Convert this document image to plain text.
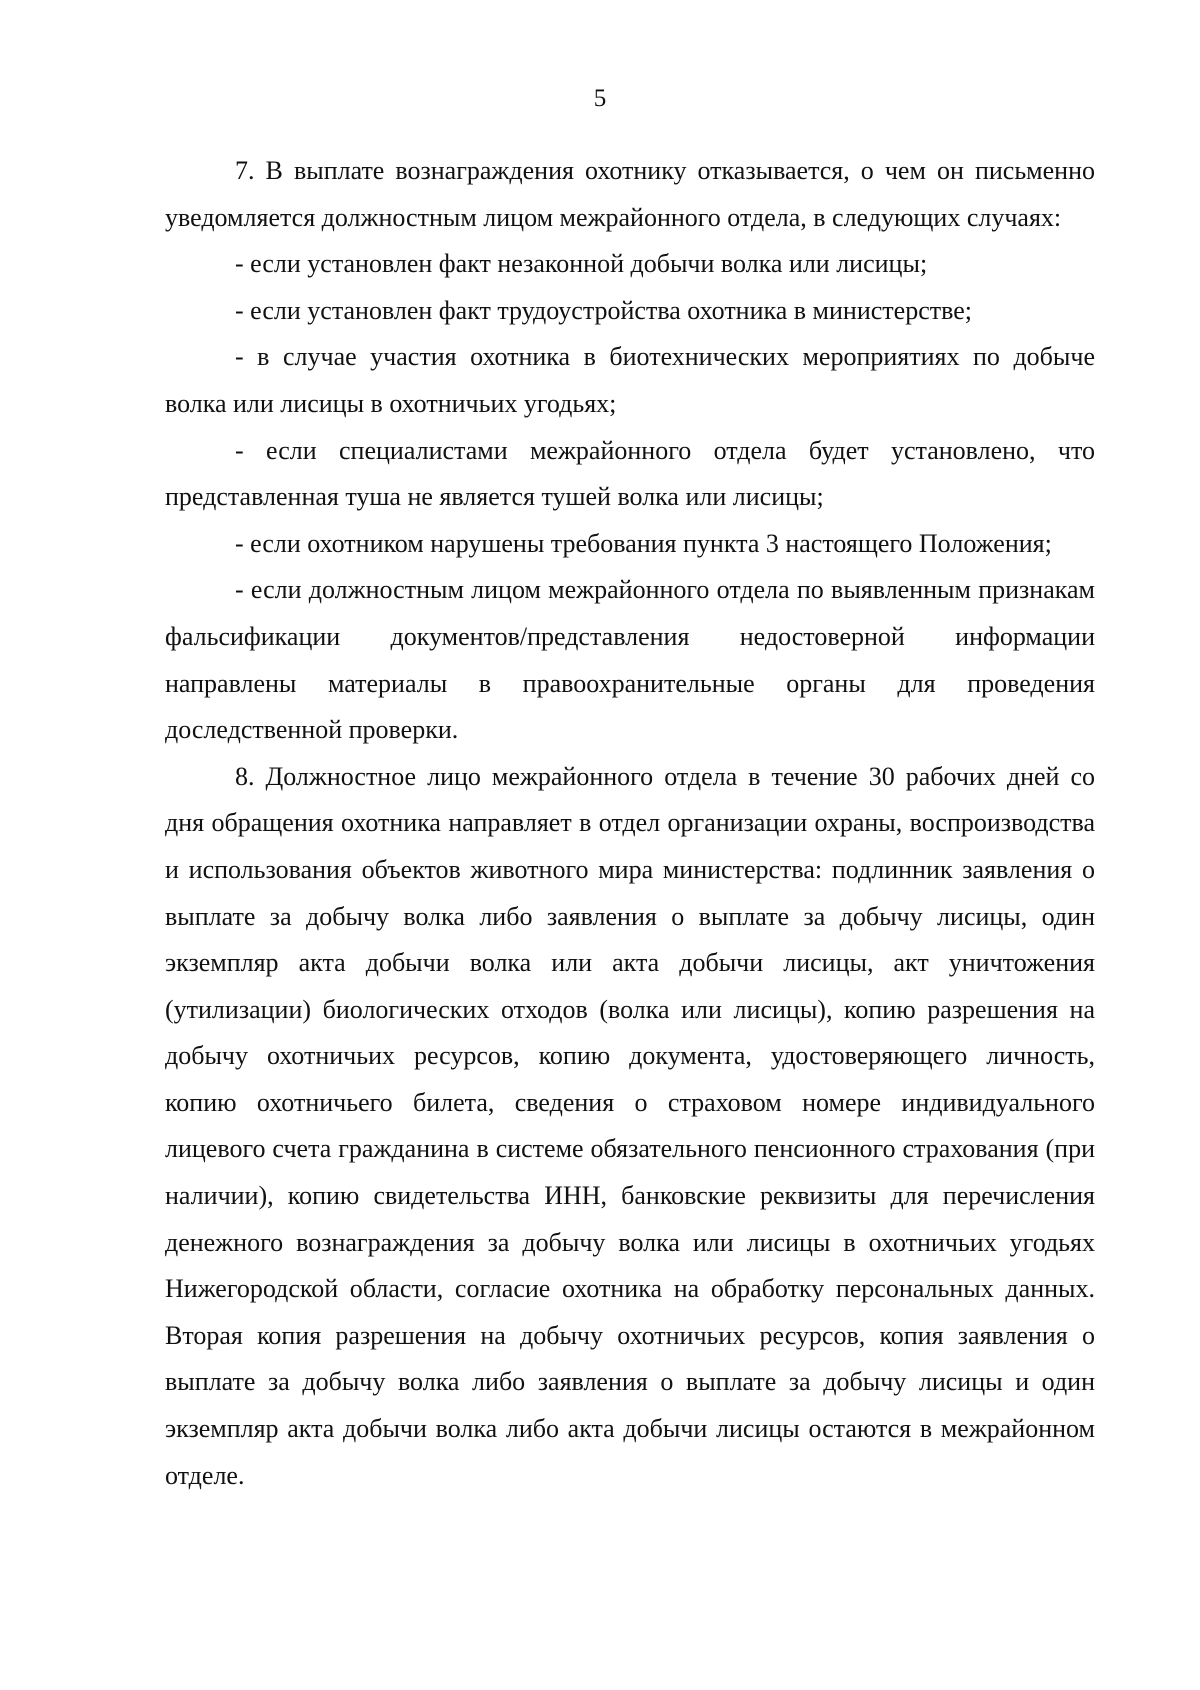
5

7. В выплате вознаграждения охотнику отказывается, о чем он письменно уведомляется должностным лицом межрайонного отдела, в следующих случаях:

- если установлен факт незаконной добычи волка или лисицы;

- если установлен факт трудоустройства охотника в министерстве;

- в случае участия охотника в биотехнических мероприятиях по добыче волка или лисицы в охотничьих угодьях;

- если специалистами межрайонного отдела будет установлено, что представленная туша не является тушей волка или лисицы;

- если охотником нарушены требования пункта 3 настоящего Положения;

- если должностным лицом межрайонного отдела по выявленным признакам фальсификации документов/представления недостоверной информации направлены материалы в правоохранительные органы для проведения доследственной проверки.

8. Должностное лицо межрайонного отдела в течение 30 рабочих дней со дня обращения охотника направляет в отдел организации охраны, воспроизводства и использования объектов животного мира министерства: подлинник заявления о выплате за добычу волка либо заявления о выплате за добычу лисицы, один экземпляр акта добычи волка или акта добычи лисицы, акт уничтожения (утилизации) биологических отходов (волка или лисицы), копию разрешения на добычу охотничьих ресурсов, копию документа, удостоверяющего личность, копию охотничьего билета, сведения о страховом номере индивидуального лицевого счета гражданина в системе обязательного пенсионного страхования (при наличии), копию свидетельства ИНН, банковские реквизиты для перечисления денежного вознаграждения за добычу волка или лисицы в охотничьих угодьях Нижегородской области, согласие охотника на обработку персональных данных. Вторая копия разрешения на добычу охотничьих ресурсов, копия заявления о выплате за добычу волка либо заявления о выплате за добычу лисицы и один экземпляр акта добычи волка либо акта добычи лисицы остаются в межрайонном отделе.
